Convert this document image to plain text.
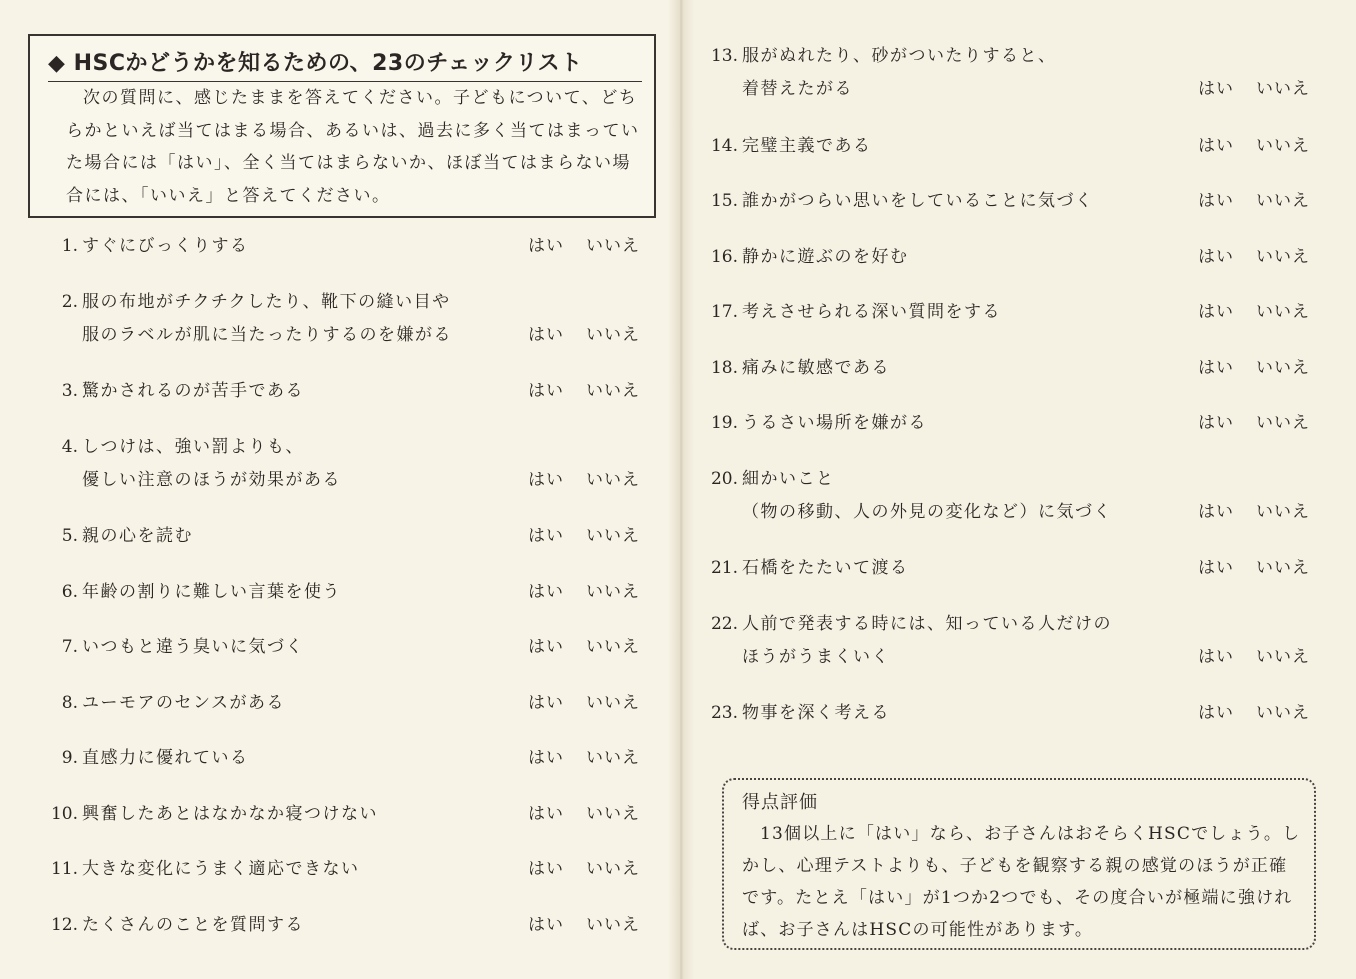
◆ HSCかどうかを知るための、23のチェックリスト
次の質問に、感じたままを答えてください。子どもについて、どちらかといえば当てはまる場合、あるいは、過去に多く当てはまっていた場合には「はい」、全く当てはまらないか、ほぼ当てはまらない場合には、「いいえ」と答えてください。
1. すぐにびっくりする	はい いいえ
2. 服の布地がチクチクしたり、靴下の縫い目や
服のラベルが肌に当たったりするのを嫌がる	はい いいえ
3. 驚かされるのが苦手である	はい いいえ
4. しつけは、強い罰よりも、
優しい注意のほうが効果がある	はい いいえ
5. 親の心を読む	はい いいえ
6. 年齢の割りに難しい言葉を使う	はい いいえ
7. いつもと違う臭いに気づく	はい いいえ
8. ユーモアのセンスがある	はい いいえ
9. 直感力に優れている	はい いいえ
10. 興奮したあとはなかなか寝つけない	はい いいえ
11. 大きな変化にうまく適応できない	はい いいえ
12. たくさんのことを質問する	はい いいえ
13. 服がぬれたり、砂がついたりすると、
着替えたがる	はい いいえ
14. 完璧主義である	はい いいえ
15. 誰かがつらい思いをしていることに気づく	はい いいえ
16. 静かに遊ぶのを好む	はい いいえ
17. 考えさせられる深い質問をする	はい いいえ
18. 痛みに敏感である	はい いいえ
19. うるさい場所を嫌がる	はい いいえ
20. 細かいこと
（物の移動、人の外見の変化など）に気づく	はい いいえ
21. 石橋をたたいて渡る	はい いいえ
22. 人前で発表する時には、知っている人だけの
ほうがうまくいく	はい いいえ
23. 物事を深く考える	はい いいえ
得点評価
13個以上に「はい」なら、お子さんはおそらくHSCでしょう。しかし、心理テストよりも、子どもを観察する親の感覚のほうが正確です。たとえ「はい」が1つか2つでも、その度合いが極端に強ければ、お子さんはHSCの可能性があります。
